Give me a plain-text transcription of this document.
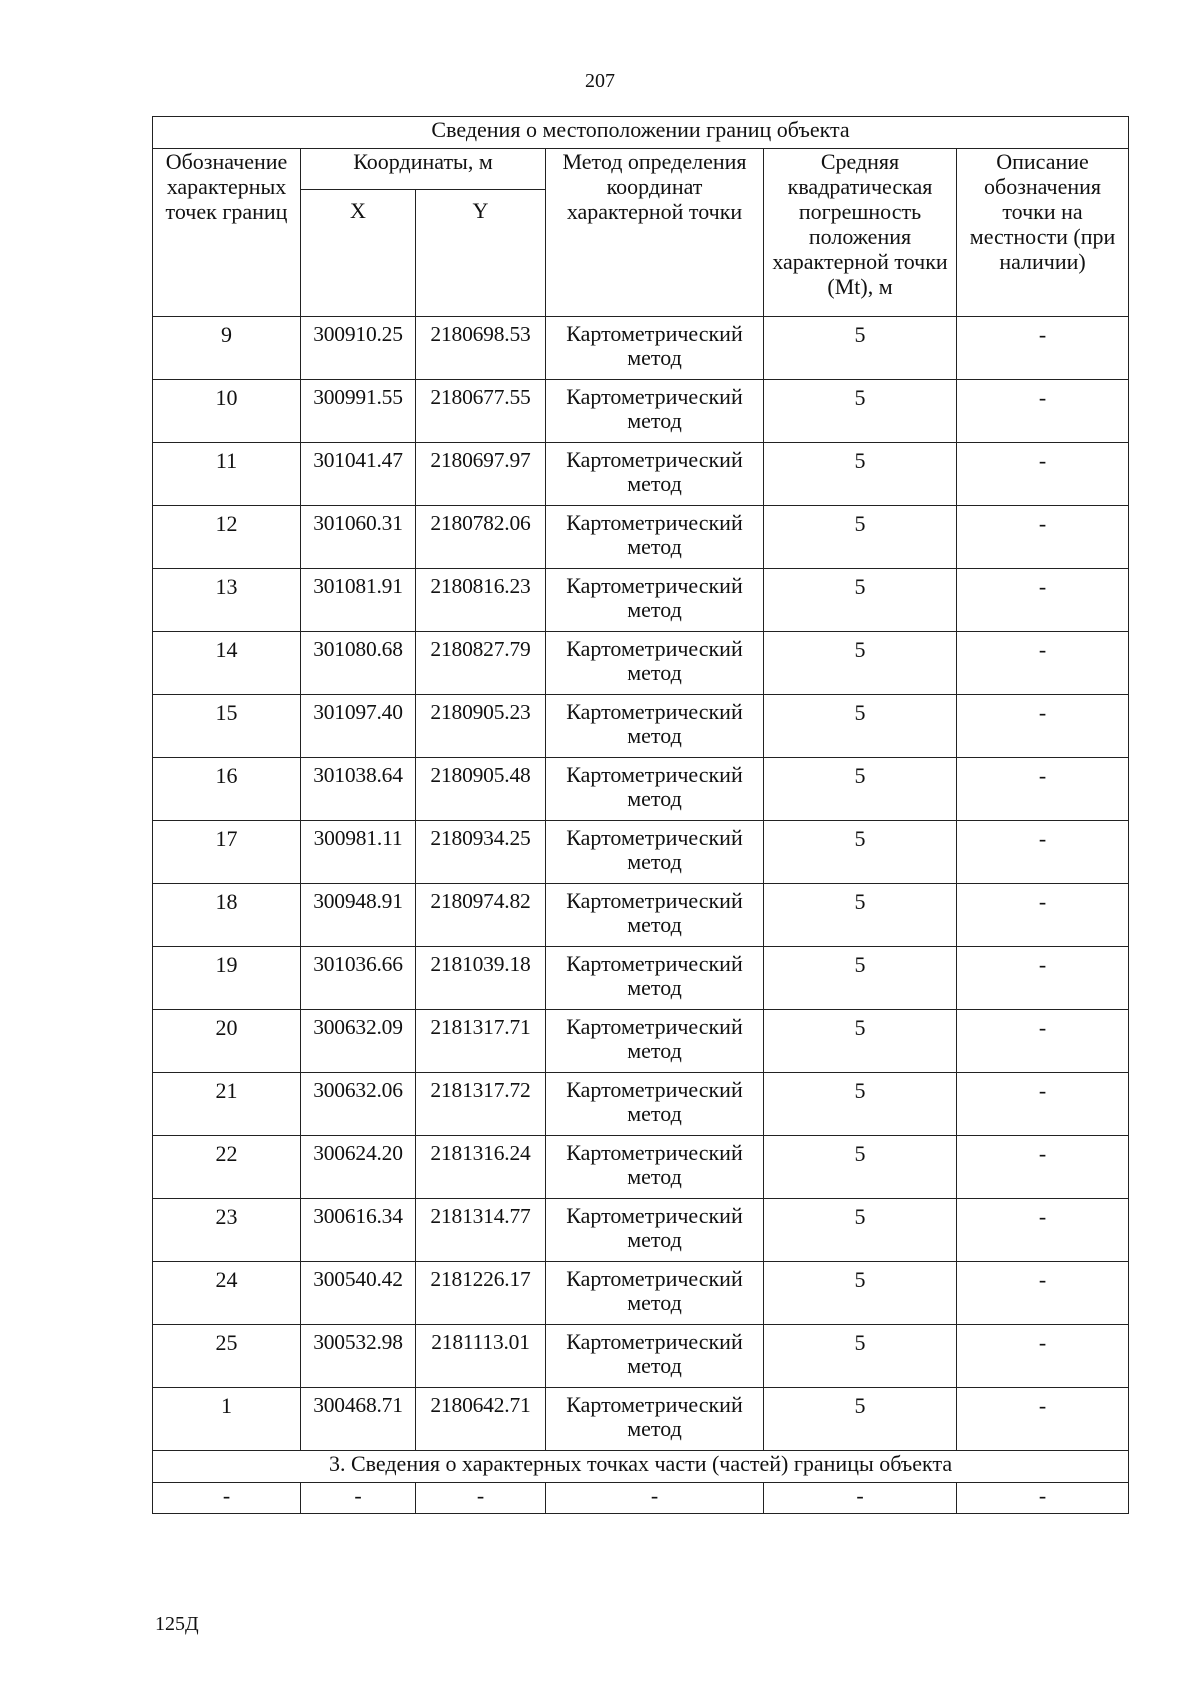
207
Сведения о местоположении границ объекта					
Обозначение характерных точек границ	Координаты, м		Метод определения координат характерной точки	Средняя квадратическая погрешность положения характерной точки (Mt), м	Описание обозначения точки на местности (при наличии)
	X	Y			
9	300910.25	2180698.53	Картометрический метод	5	-
10	300991.55	2180677.55	Картометрический метод	5	-
11	301041.47	2180697.97	Картометрический метод	5	-
12	301060.31	2180782.06	Картометрический метод	5	-
13	301081.91	2180816.23	Картометрический метод	5	-
14	301080.68	2180827.79	Картометрический метод	5	-
15	301097.40	2180905.23	Картометрический метод	5	-
16	301038.64	2180905.48	Картометрический метод	5	-
17	300981.11	2180934.25	Картометрический метод	5	-
18	300948.91	2180974.82	Картометрический метод	5	-
19	301036.66	2181039.18	Картометрический метод	5	-
20	300632.09	2181317.71	Картометрический метод	5	-
21	300632.06	2181317.72	Картометрический метод	5	-
22	300624.20	2181316.24	Картометрический метод	5	-
23	300616.34	2181314.77	Картометрический метод	5	-
24	300540.42	2181226.17	Картометрический метод	5	-
25	300532.98	2181113.01	Картометрический метод	5	-
1	300468.71	2180642.71	Картометрический метод	5	-
3. Сведения о характерных точках части (частей) границы объекта					
-	-	-	-	-	-
125Д
